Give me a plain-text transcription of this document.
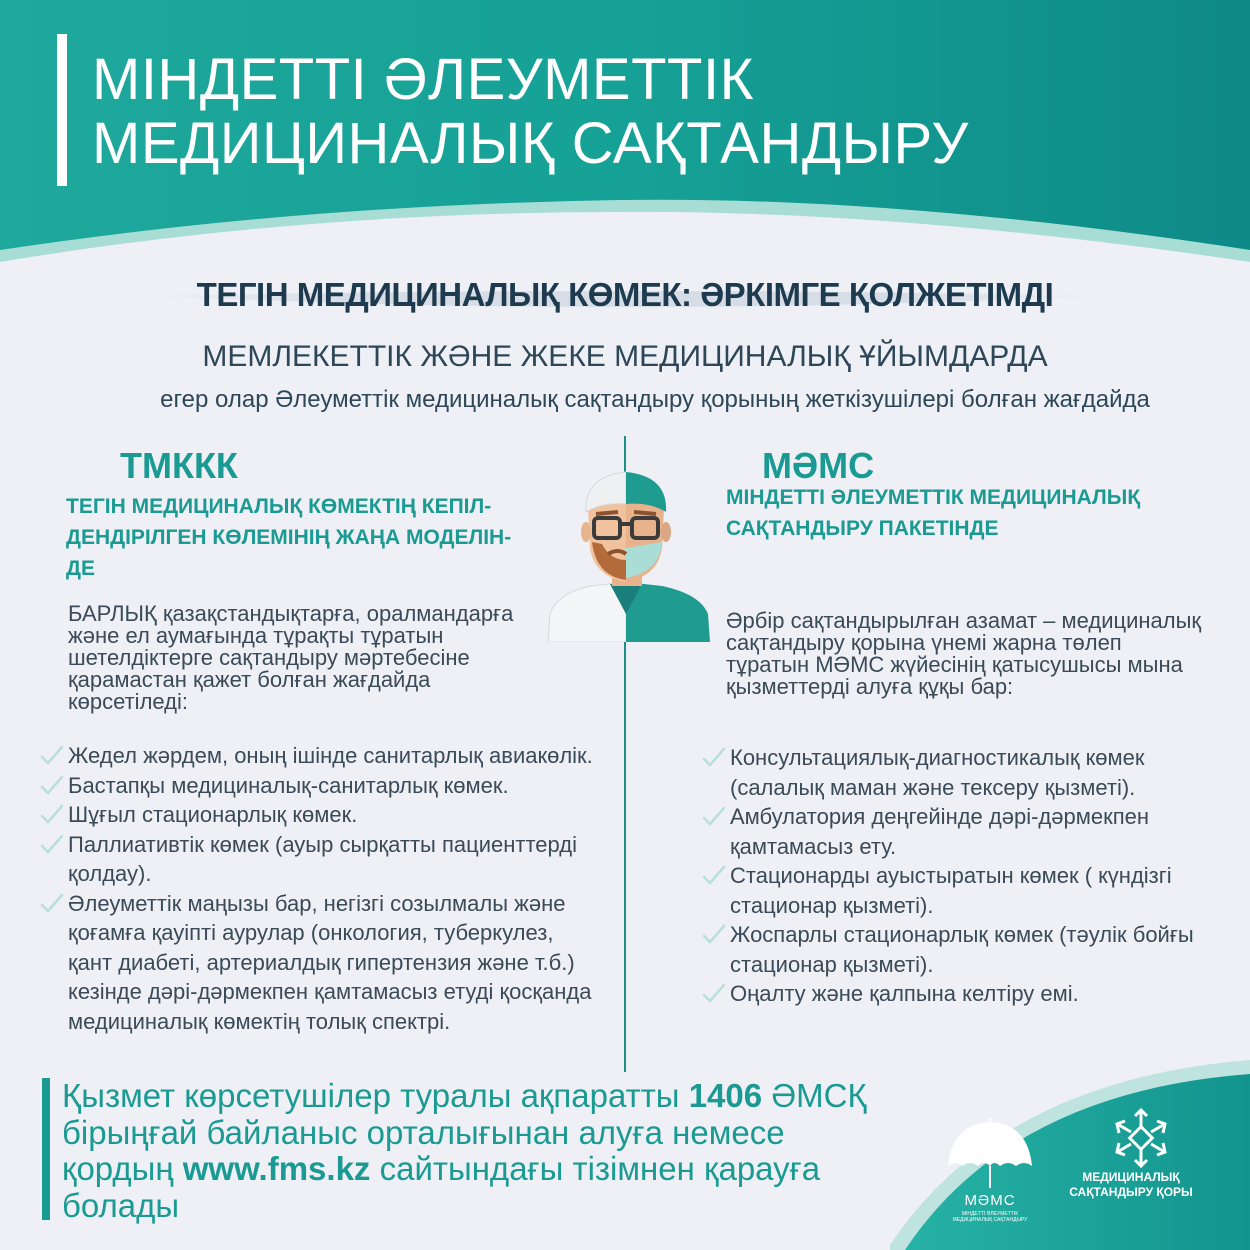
МІНДЕТТІ ӘЛЕУМЕТТІК
МЕДИЦИНАЛЫҚ САҚТАНДЫРУ
ТЕГІН МЕДИЦИНАЛЫҚ КӨМЕК: ӘРКІМГЕ ҚОЛЖЕТІМДІ
МЕМЛЕКЕТТІК ЖӘНЕ ЖЕКЕ МЕДИЦИНАЛЫҚ ҰЙЫМДАРДА
егер олар Әлеуметтік медициналық сақтандыру қорының жеткізушілері болған жағдайда
ТМККК
ТЕГІН МЕДИЦИНАЛЫҚ КӨМЕКТІҢ КЕПІЛ-ДЕНДІРІЛГЕН КӨЛЕМІНІҢ ЖАҢА МОДЕЛІН-ДЕ
БАРЛЫҚ қазақстандықтарға, оралмандарға және ел аумағында тұрақты тұратын шетелдіктерге сақтандыру мәртебесіне қарамастан қажет болған жағдайда көрсетіледі:
Жедел жәрдем, оның ішінде санитарлық авиакөлік.
Бастапқы медициналық-санитарлық көмек.
Шұғыл стационарлық көмек.
Паллиативтік көмек (ауыр сырқатты пациенттерді қолдау).
Әлеуметтік маңызы бар, негізгі созылмалы және қоғамға қауіпті аурулар (онкология, туберкулез, қант диабеті, артериалдық гипертензия және т.б.) кезінде дәрі-дәрмекпен қамтамасыз етуді қосқанда медициналық көмектің толық спектрі.
МӘМС
МІНДЕТТІ ӘЛЕУМЕТТІК МЕДИЦИНАЛЫҚ САҚТАНДЫРУ ПАКЕТІНДЕ
Әрбір сақтандырылған азамат – медициналық сақтандыру қорына үнемі жарна төлеп тұратын МӘМС жүйесінің қатысушысы мына қызметтерді алуға құқы бар:
Консультациялық-диагностикалық көмек (салалық маман және тексеру қызметі).
Амбулатория деңгейінде дәрі-дәрмекпен қамтамасыз ету.
Стационарды ауыстыратын көмек ( күндізгі стационар қызметі).
Жоспарлы стационарлық көмек (тәулік бойғы стационар қызметі).
Оңалту және қалпына келтіру емі.
Қызмет көрсетушілер туралы ақпаратты 1406 ӘМСҚ бірыңғай байланыс орталығынан алуға немесе қордың www.fms.kz сайтындағы тізімнен қарауға болады	МӘМС
МІНДЕТТІ ӘЛЕУМЕТТІК МЕДИЦИНАЛЫҚ САҚТАНДЫРУ
МЕДИЦИНАЛЫҚ САҚТАНДЫРУ ҚОРЫ
